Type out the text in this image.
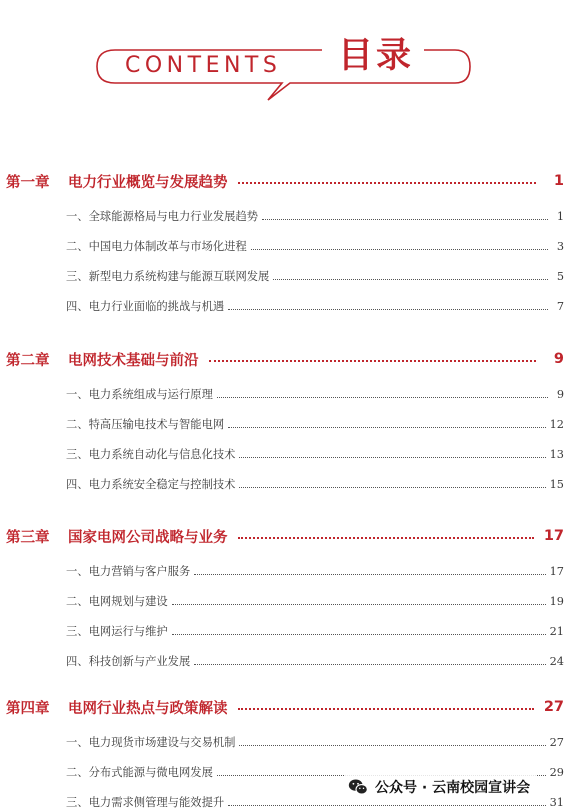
CONTENTS 目录
第一章	电力行业概览与发展趋势	1
一、全球能源格局与电力行业发展趋势	1
二、中国电力体制改革与市场化进程	3
三、新型电力系统构建与能源互联网发展	5
四、电力行业面临的挑战与机遇	7
第二章	电网技术基础与前沿	9
一、电力系统组成与运行原理	9
二、特高压输电技术与智能电网	12
三、电力系统自动化与信息化技术	13
四、电力系统安全稳定与控制技术	15
第三章	国家电网公司战略与业务	17
一、电力营销与客户服务	17
二、电网规划与建设	19
三、电网运行与维护	21
四、科技创新与产业发展	24
第四章	电网行业热点与政策解读	27
一、电力现货市场建设与交易机制	27
二、分布式能源与微电网发展	29
三、电力需求侧管理与能效提升	31
公众号 · 云南校园宣讲会
